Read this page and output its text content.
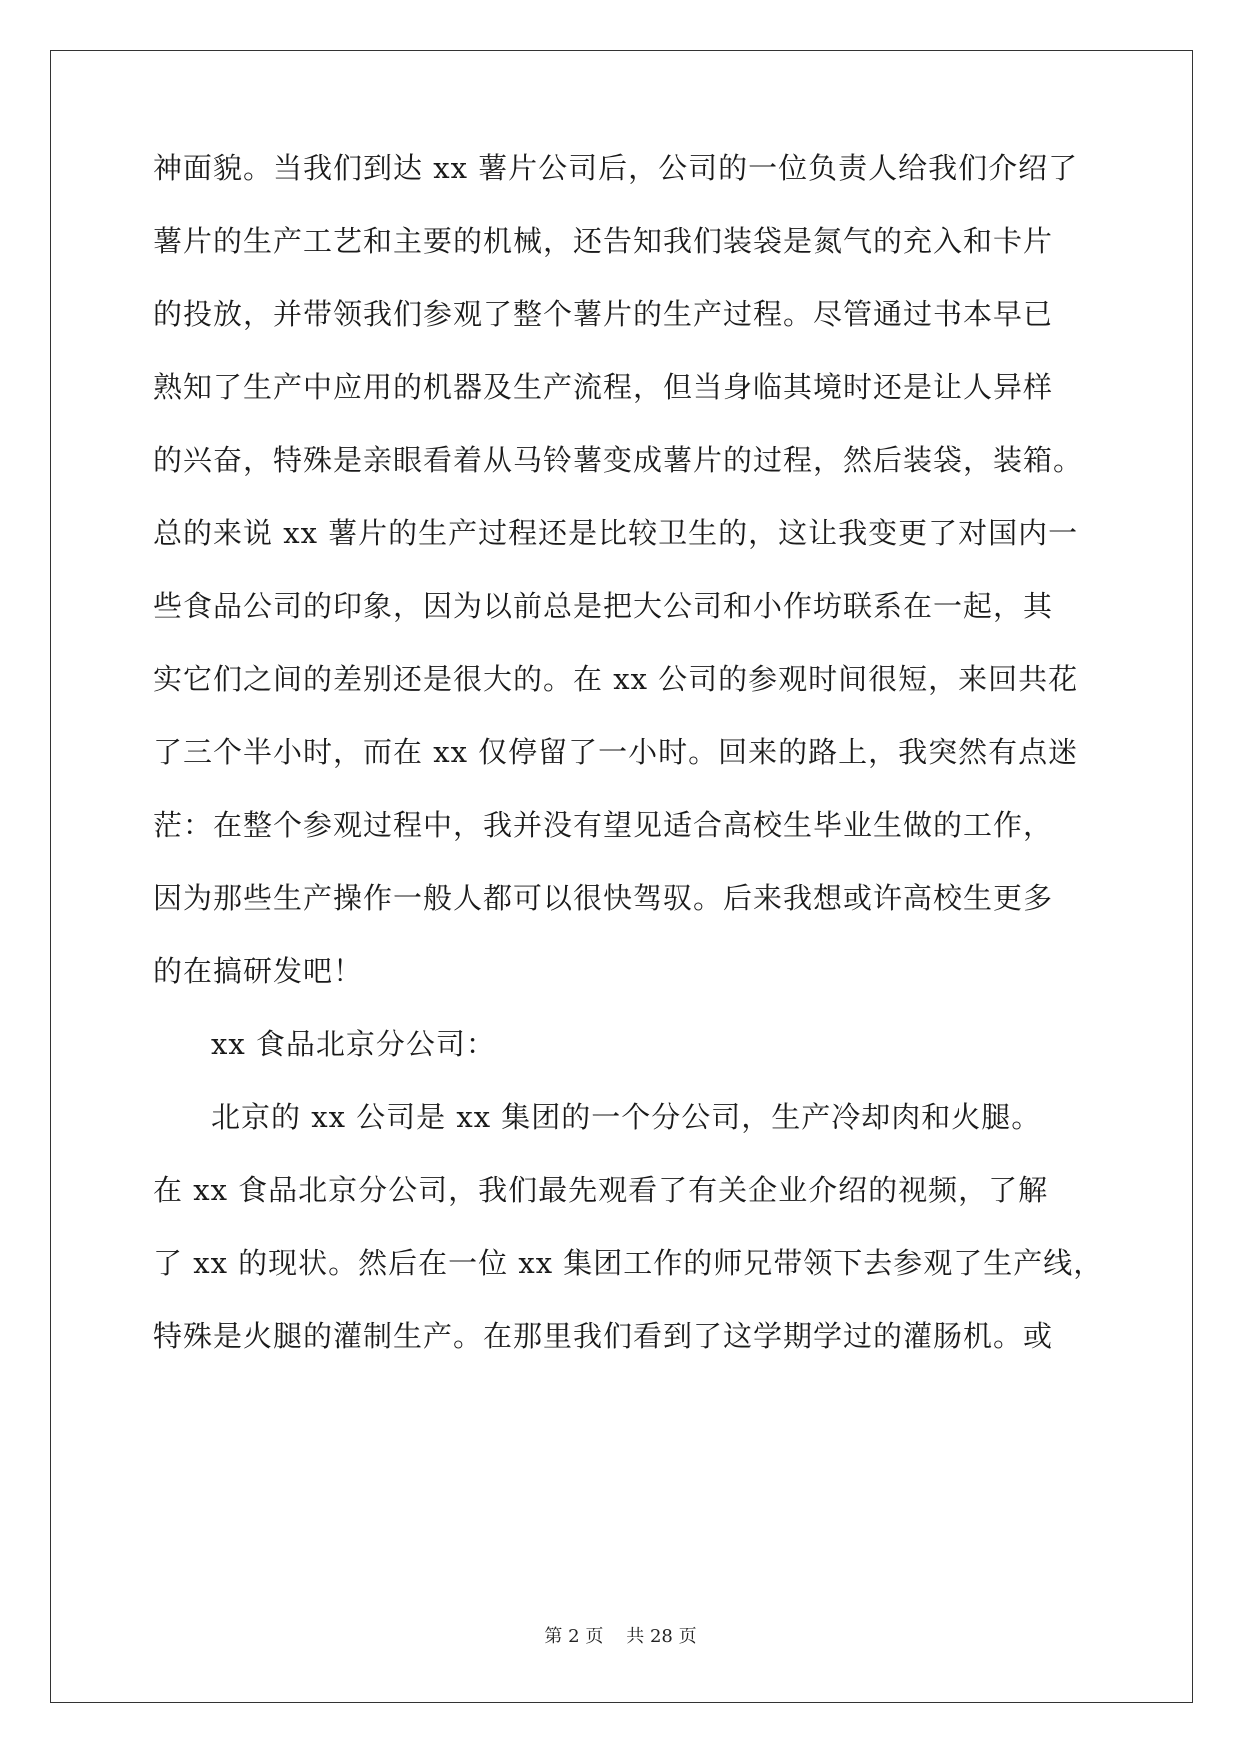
神面貌。当我们到达 xx 薯片公司后，公司的一位负责人给我们介绍了
薯片的生产工艺和主要的机械，还告知我们装袋是氮气的充入和卡片
的投放，并带领我们参观了整个薯片的生产过程。尽管通过书本早已
熟知了生产中应用的机器及生产流程，但当身临其境时还是让人异样
的兴奋，特殊是亲眼看着从马铃薯变成薯片的过程，然后装袋，装箱。
总的来说 xx 薯片的生产过程还是比较卫生的，这让我变更了对国内一
些食品公司的印象，因为以前总是把大公司和小作坊联系在一起，其
实它们之间的差别还是很大的。在 xx 公司的参观时间很短，来回共花
了三个半小时，而在 xx 仅停留了一小时。回来的路上，我突然有点迷
茫：在整个参观过程中，我并没有望见适合高校生毕业生做的工作，
因为那些生产操作一般人都可以很快驾驭。后来我想或许高校生更多
的在搞研发吧！
xx 食品北京分公司：
北京的 xx 公司是 xx 集团的一个分公司，生产冷却肉和火腿。
在 xx 食品北京分公司，我们最先观看了有关企业介绍的视频，了解
了 xx 的现状。然后在一位 xx 集团工作的师兄带领下去参观了生产线，
特殊是火腿的灌制生产。在那里我们看到了这学期学过的灌肠机。或
第 2 页 共 28 页
